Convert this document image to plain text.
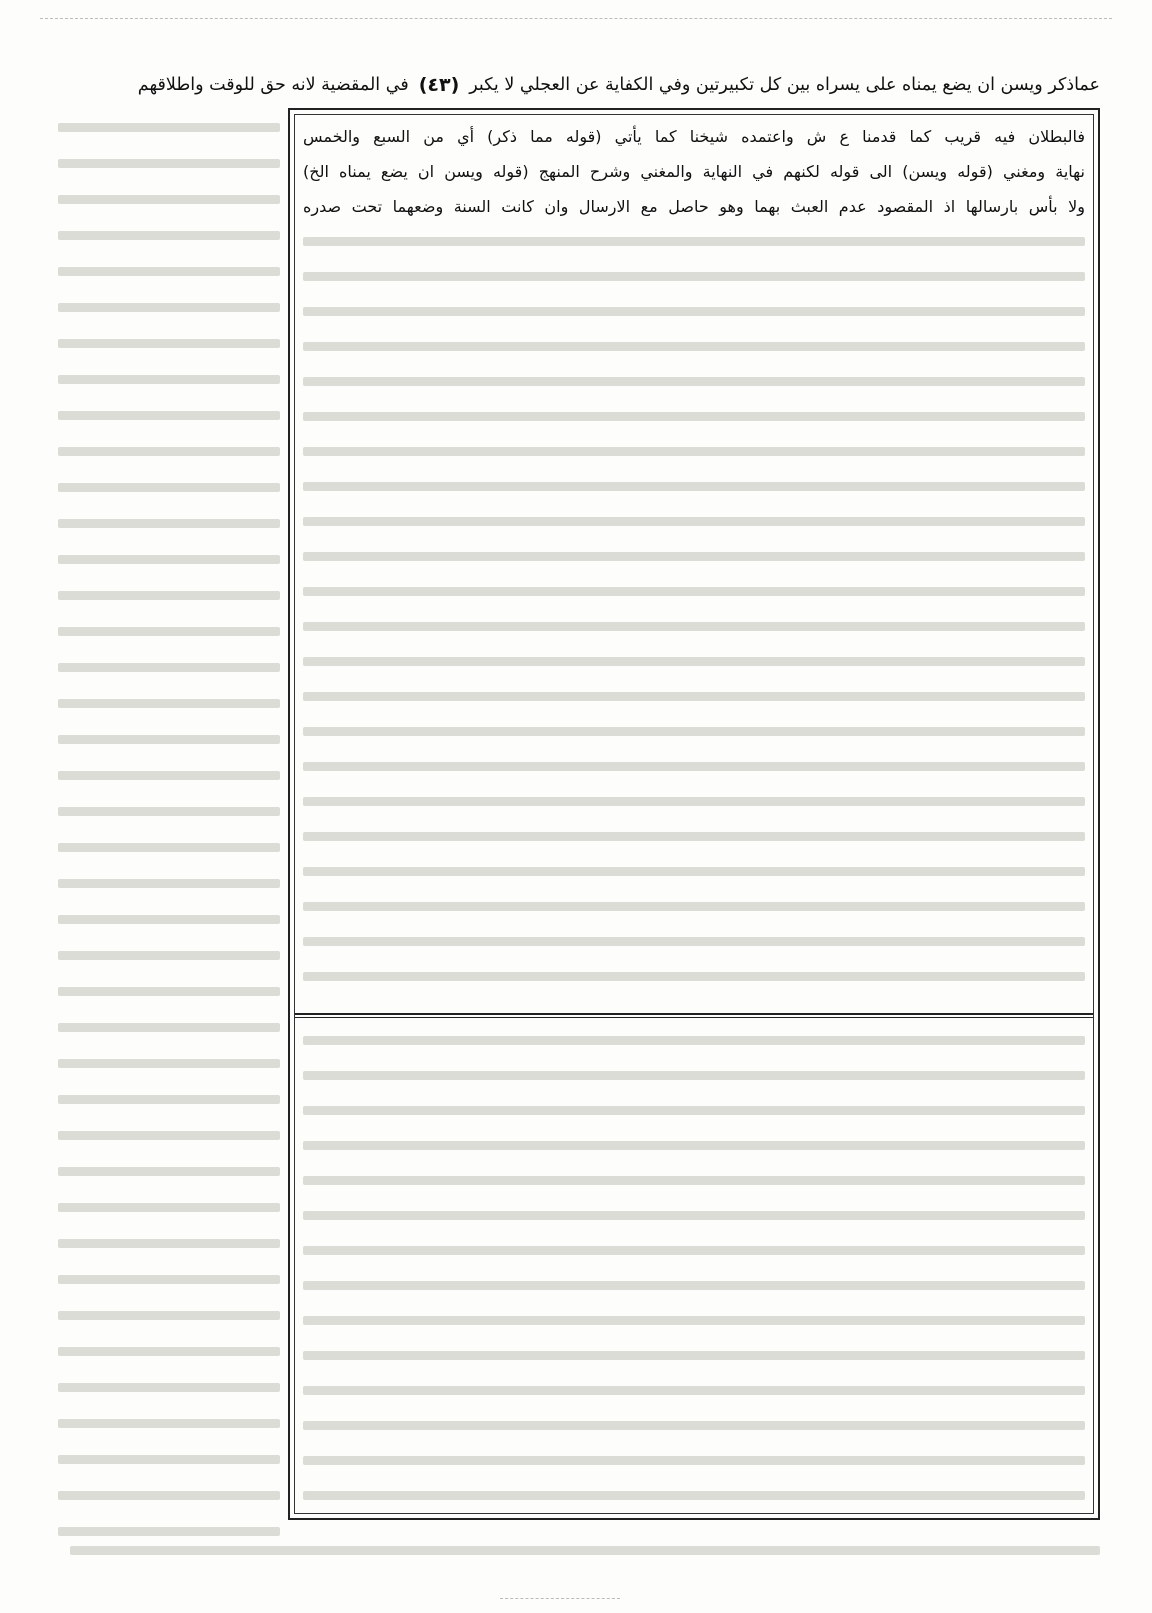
عماذكر ويسن ان يضع يمناه على يسراه بين كل تكبيرتين وفي الكفاية عن العجلي لا يكبر
(٤٣)
في المقضية لانه حق للوقت واطلاقهم
فالبطلان فيه قريب كما قدمنا ع ش واعتمده شيخنا كما يأتي (قوله مما ذكر) أي من السبع والخمس
نهاية ومغني (قوله ويسن) الى قوله لكنهم في النهاية والمغني وشرح المنهج (قوله ويسن ان يضع يمناه الخ)
ولا بأس بارسالها اذ المقصود عدم العبث بهما وهو حاصل مع الارسال وان كانت السنة وضعهما تحت صدره
